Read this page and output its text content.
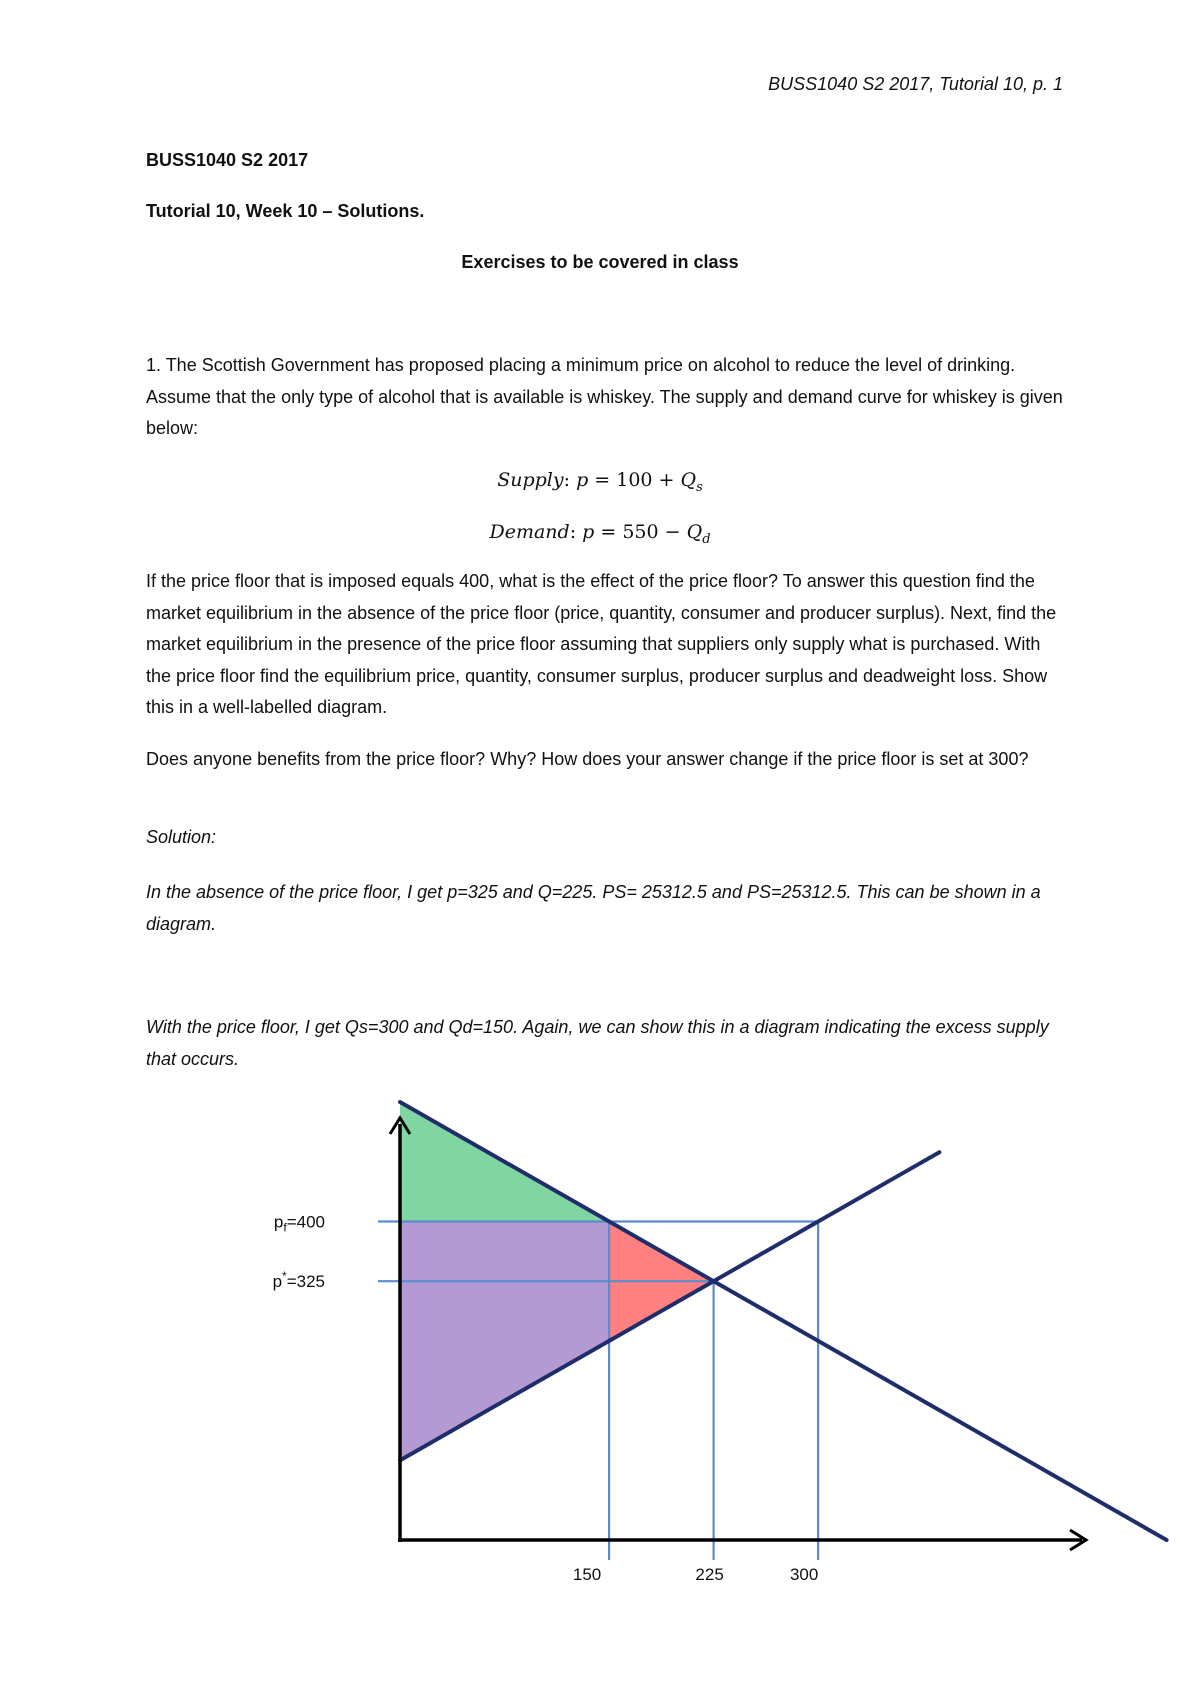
BUSS1040 S2 2017, Tutorial 10, p. 1
BUSS1040 S2 2017
Tutorial 10, Week 10 – Solutions.
Exercises to be covered in class
1. The Scottish Government has proposed placing a minimum price on alcohol to reduce the level of drinking. Assume that the only type of alcohol that is available is whiskey. The supply and demand curve for whiskey is given below:
Supply: $p = 100 + Q_s$
Demand: $p = 550 - Q_d$
If the price floor that is imposed equals 400, what is the effect of the price floor? To answer this question find the market equilibrium in the absence of the price floor (price, quantity, consumer and producer surplus). Next, find the market equilibrium in the presence of the price floor assuming that suppliers only supply what is purchased. With the price floor find the equilibrium price, quantity, consumer surplus, producer surplus and deadweight loss. Show this in a well-labelled diagram.
Does anyone benefits from the price floor? Why? How does your answer change if the price floor is set at 300?
Solution:
In the absence of the price floor, I get p=325 and Q=225. PS= 25312.5 and PS=25312.5. This can be shown in a diagram.
With the price floor, I get Qs=300 and Qd=150. Again, we can show this in a diagram indicating the excess supply that occurs.
$p_f=400$
p*=325
150	225	300
